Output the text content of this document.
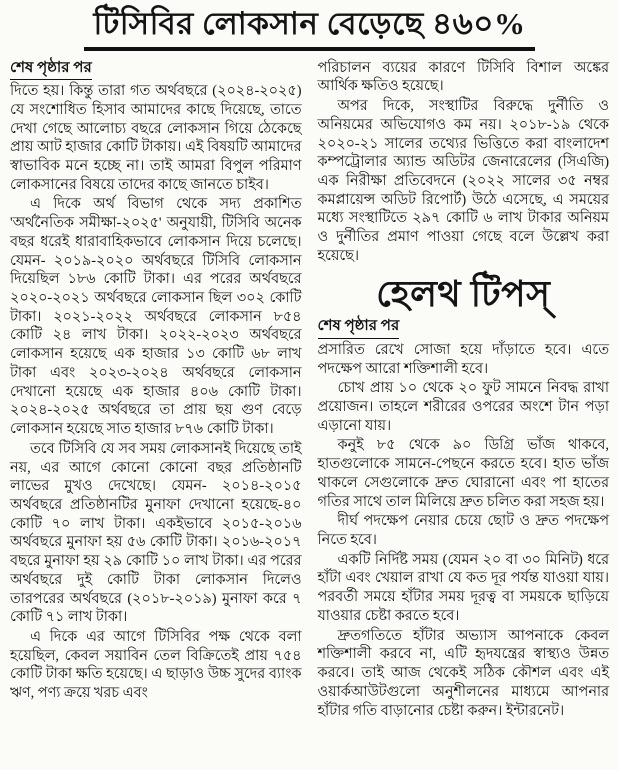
টিসিবির লোকসান বেড়েছে ৪৬০%
শেষ পৃষ্ঠার পর

দিতে হয়। কিন্তু তারা গত অর্থবছরে (২০২৪-২০২৫) যে সংশোধিত হিসাব আমাদের কাছে দিয়েছে, তাতে দেখা গেছে আলোচ্য বছরে লোকসান গিয়ে ঠেকেছে প্রায় আট হাজার কোটি টাকায়। এই বিষয়টি আমাদের স্বাভাবিক মনে হচ্ছে না। তাই আমরা বিপুল পরিমাণ লোকসানের বিষয়ে তাদের কাছে জানতে চাইব।

এ দিকে অর্থ বিভাগ থেকে সদ্য প্রকাশিত 'অর্থনৈতিক সমীক্ষা-২০২৫' অনুযায়ী, টিসিবি অনেক বছর ধরেই ধারাবাহিকভাবে লোকসান দিয়ে চলেছে। যেমন- ২০১৯-২০২০ অর্থবছরে টিসিবি লোকসান দিয়েছিল ১৮৬ কোটি টাকা। এর পরের অর্থবছরে ২০২০-২০২১ অর্থবছরে লোকসান ছিল ৩০২ কোটি টাকা। ২০২১-২০২২ অর্থবছরে লোকসান ৮৫৪ কোটি ২৪ লাখ টাকা। ২০২২-২০২৩ অর্থবছরে লোকসান হয়েছে এক হাজার ১৩ কোটি ৬৮ লাখ টাকা এবং ২০২৩-২০২৪ অর্থবছরে লোকসান দেখানো হয়েছে এক হাজার ৪০৬ কোটি টাকা। ২০২৪-২০২৫ অর্থবছরে তা প্রায় ছয় গুণ বেড়ে লোকসান হয়েছে সাত হাজার ৮৭৬ কোটি টাকা।

তবে টিসিবি যে সব সময় লোকসানই দিয়েছে তাই নয়, এর আগে কোনো কোনো বছর প্রতিষ্ঠানটি লাভের মুখও দেখেছে। যেমন- ২০১৪-২০১৫ অর্থবছরে প্রতিষ্ঠানটির মুনাফা দেখানো হয়েছে-৪০ কোটি ৭০ লাখ টাকা। একইভাবে ২০১৫-২০১৬ অর্থবছরে মুনাফা হয় ৫৬ কোটি টাকা। ২০১৬-২০১৭ বছরে মুনাফা হয় ২৯ কোটি ১০ লাখ টাকা। এর পরের অর্থবছরে দুই কোটি টাকা লোকসান দিলেও তারপরের অর্থবছরে (২০১৮-২০১৯) মুনাফা করে ৭ কোটি ৭১ লাখ টাকা।

এ দিকে এর আগে টিসিবির পক্ষ থেকে বলা হয়েছিল, কেবল সয়াবিন তেল বিক্রিতেই প্রায় ৭৫৪ কোটি টাকা ক্ষতি হয়েছে। এ ছাড়াও উচ্চ সুদের ব্যাংক ঋণ, পণ্য ক্রয়ে খরচ এবং

পরিচালন ব্যয়ের কারণে টিসিবি বিশাল অঙ্কের আর্থিক ক্ষতিও হয়েছে।

অপর দিকে, সংস্থাটির বিরুদ্ধে দুর্নীতি ও অনিয়মের অভিযোগও কম নয়। ২০১৮-১৯ থেকে ২০২০-২১ সালের তথ্যের ভিত্তিতে করা বাংলাদেশ কম্পট্রোলার অ্যান্ড অডিটর জেনারেলের (সিএজি) এক নিরীক্ষা প্রতিবেদনে (২০২২ সালের ৩৫ নম্বর কমপ্লায়েন্স অডিট রিপোর্ট) উঠে এসেছে, এ সময়ের মধ্যে সংস্থাটিতে ২৯৭ কোটি ৬ লাখ টাকার অনিয়ম ও দুর্নীতির প্রমাণ পাওয়া গেছে বলে উল্লেখ করা হয়েছে।

হেলথ টিপস্
শেষ পৃষ্ঠার পর

প্রসারিত রেখে সোজা হয়ে দাঁড়াতে হবে। এতে পদক্ষেপ আরো শক্তিশালী হবে।

চোখ প্রায় ১০ থেকে ২০ ফুট সামনে নিবদ্ধ রাখা প্রয়োজন। তাহলে শরীরের ওপরের অংশে টান পড়া এড়ানো যায়।

কনুই ৮৫ থেকে ৯০ ডিগ্রি ভাঁজ থাকবে, হাতগুলোকে সামনে-পেছনে করতে হবে। হাত ভাঁজ থাকলে সেগুলোকে দ্রুত ঘোরানো এবং পা হাতের গতির সাথে তাল মিলিয়ে দ্রুত চলিত করা সহজ হয়।

দীর্ঘ পদক্ষেপ নেয়ার চেয়ে ছোট ও দ্রুত পদক্ষেপ নিতে হবে।

একটি নির্দিষ্ট সময় (যেমন ২০ বা ৩০ মিনিট) ধরে হাঁটা এবং খেয়াল রাখা যে কত দূর পর্যন্ত যাওয়া যায়। পরবর্তী সময়ে হাঁটার সময় দূরত্ব বা সময়কে ছাড়িয়ে যাওয়ার চেষ্টা করতে হবে।

দ্রুতগতিতে হাঁটার অভ্যাস আপনাকে কেবল শক্তিশালী করবে না, এটি হৃদযন্ত্রের স্বাস্থ্যও উন্নত করবে। তাই আজ থেকেই সঠিক কৌশল এবং এই ওয়ার্কআউটগুলো অনুশীলনের মাধ্যমে আপনার হাঁটার গতি বাড়ানোর চেষ্টা করুন। ইন্টারনেট।
